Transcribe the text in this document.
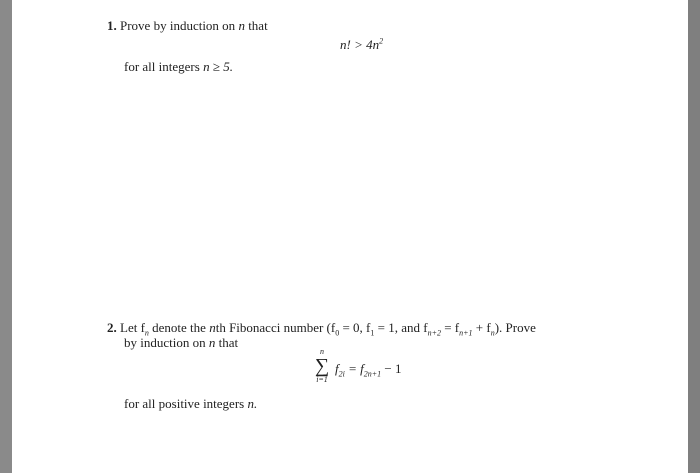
1. Prove by induction on n that
n! > $4n^2$
for all integers n ≥ 5.
2. Let $f_n$ denote the nth Fibonacci number ($f_0 = 0$, $f_1 = 1$, and $f_{n+2} = f_{n+1} + f_n$). Prove
by induction on n that
n
∑
i=1
$f_{2i} = f_{2n+1} - 1$
for all positive integers n.
